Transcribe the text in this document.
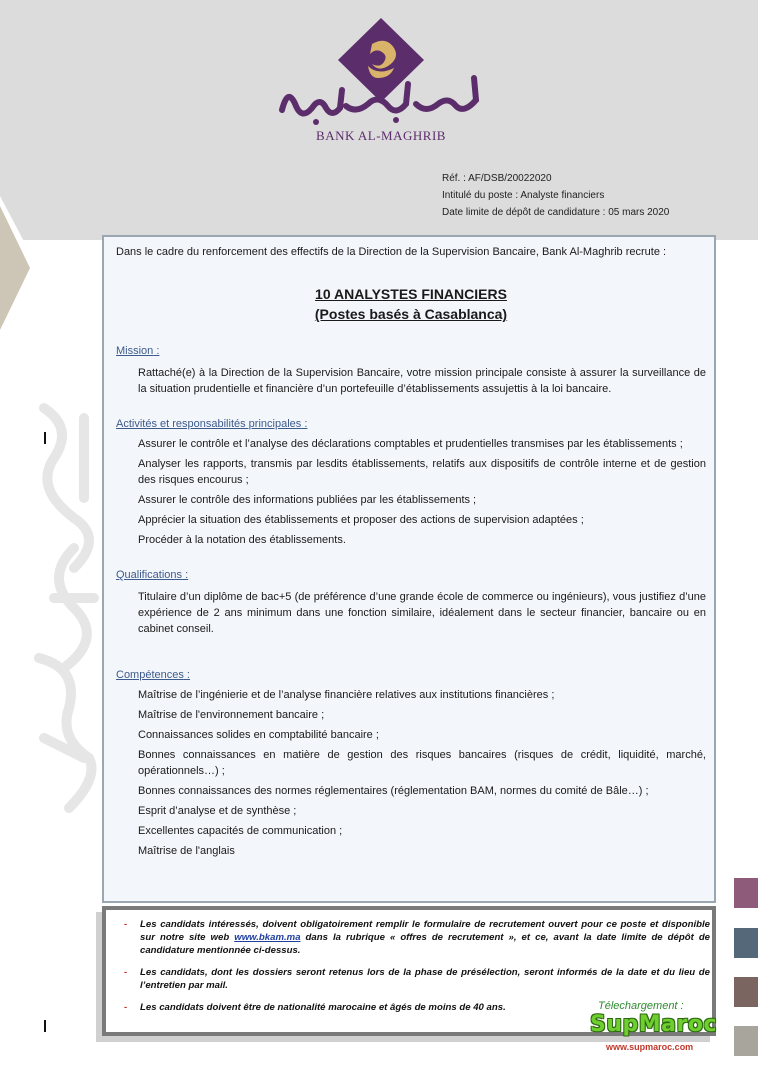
BANK AL-MAGHRIB
Réf. : AF/DSB/20022020
Intitulé du poste : Analyste financiers
Date limite de dépôt de candidature : 05 mars 2020
Dans le cadre du renforcement des effectifs de la Direction de la Supervision Bancaire, Bank Al-Maghrib recrute :
10 ANALYSTES FINANCIERS
(Postes basés à Casablanca)
Mission :
Rattaché(e) à la Direction de la Supervision Bancaire, votre mission principale consiste à assurer la surveillance de la situation prudentielle et financière d’un portefeuille d’établissements assujettis à la loi bancaire.
Activités et responsabilités principales :
Assurer le contrôle et l’analyse des déclarations comptables et prudentielles transmises par les établissements ;
Analyser les rapports, transmis par lesdits établissements, relatifs aux dispositifs de contrôle interne et de gestion des risques encourus ;
Assurer le contrôle des informations publiées par les établissements ;
Apprécier la situation des établissements et proposer des actions de supervision adaptées ;
Procéder à la notation des établissements.
Qualifications :
Titulaire d’un diplôme de bac+5 (de préférence d’une grande école de commerce ou ingénieurs), vous justifiez d’une expérience de 2 ans minimum dans une fonction similaire, idéalement dans le secteur financier, bancaire ou en cabinet conseil.
Compétences :
Maîtrise de l’ingénierie et de l’analyse financière relatives aux institutions financières ;
Maîtrise de l'environnement bancaire ;
Connaissances solides en comptabilité bancaire ;
Bonnes connaissances en matière de gestion des risques bancaires (risques de crédit, liquidité, marché, opérationnels…) ;
Bonnes connaissances des normes réglementaires (réglementation BAM, normes du comité de Bâle…) ;
Esprit d’analyse et de synthèse ;
Excellentes capacités de communication ;
Maîtrise de l'anglais
- Les candidats intéressés, doivent obligatoirement remplir le formulaire de recrutement ouvert pour ce poste et disponible sur notre site web www.bkam.ma dans la rubrique « offres de recrutement », et ce, avant la date limite de dépôt de candidature mentionnée ci-dessus.
- Les candidats, dont les dossiers seront retenus lors de la phase de présélection, seront informés de la date et du lieu de l’entretien par mail.
- Les candidats doivent être de nationalité marocaine et âgés de moins de 40 ans.	Télechargement :
SupMaroc
www.supmaroc.com
